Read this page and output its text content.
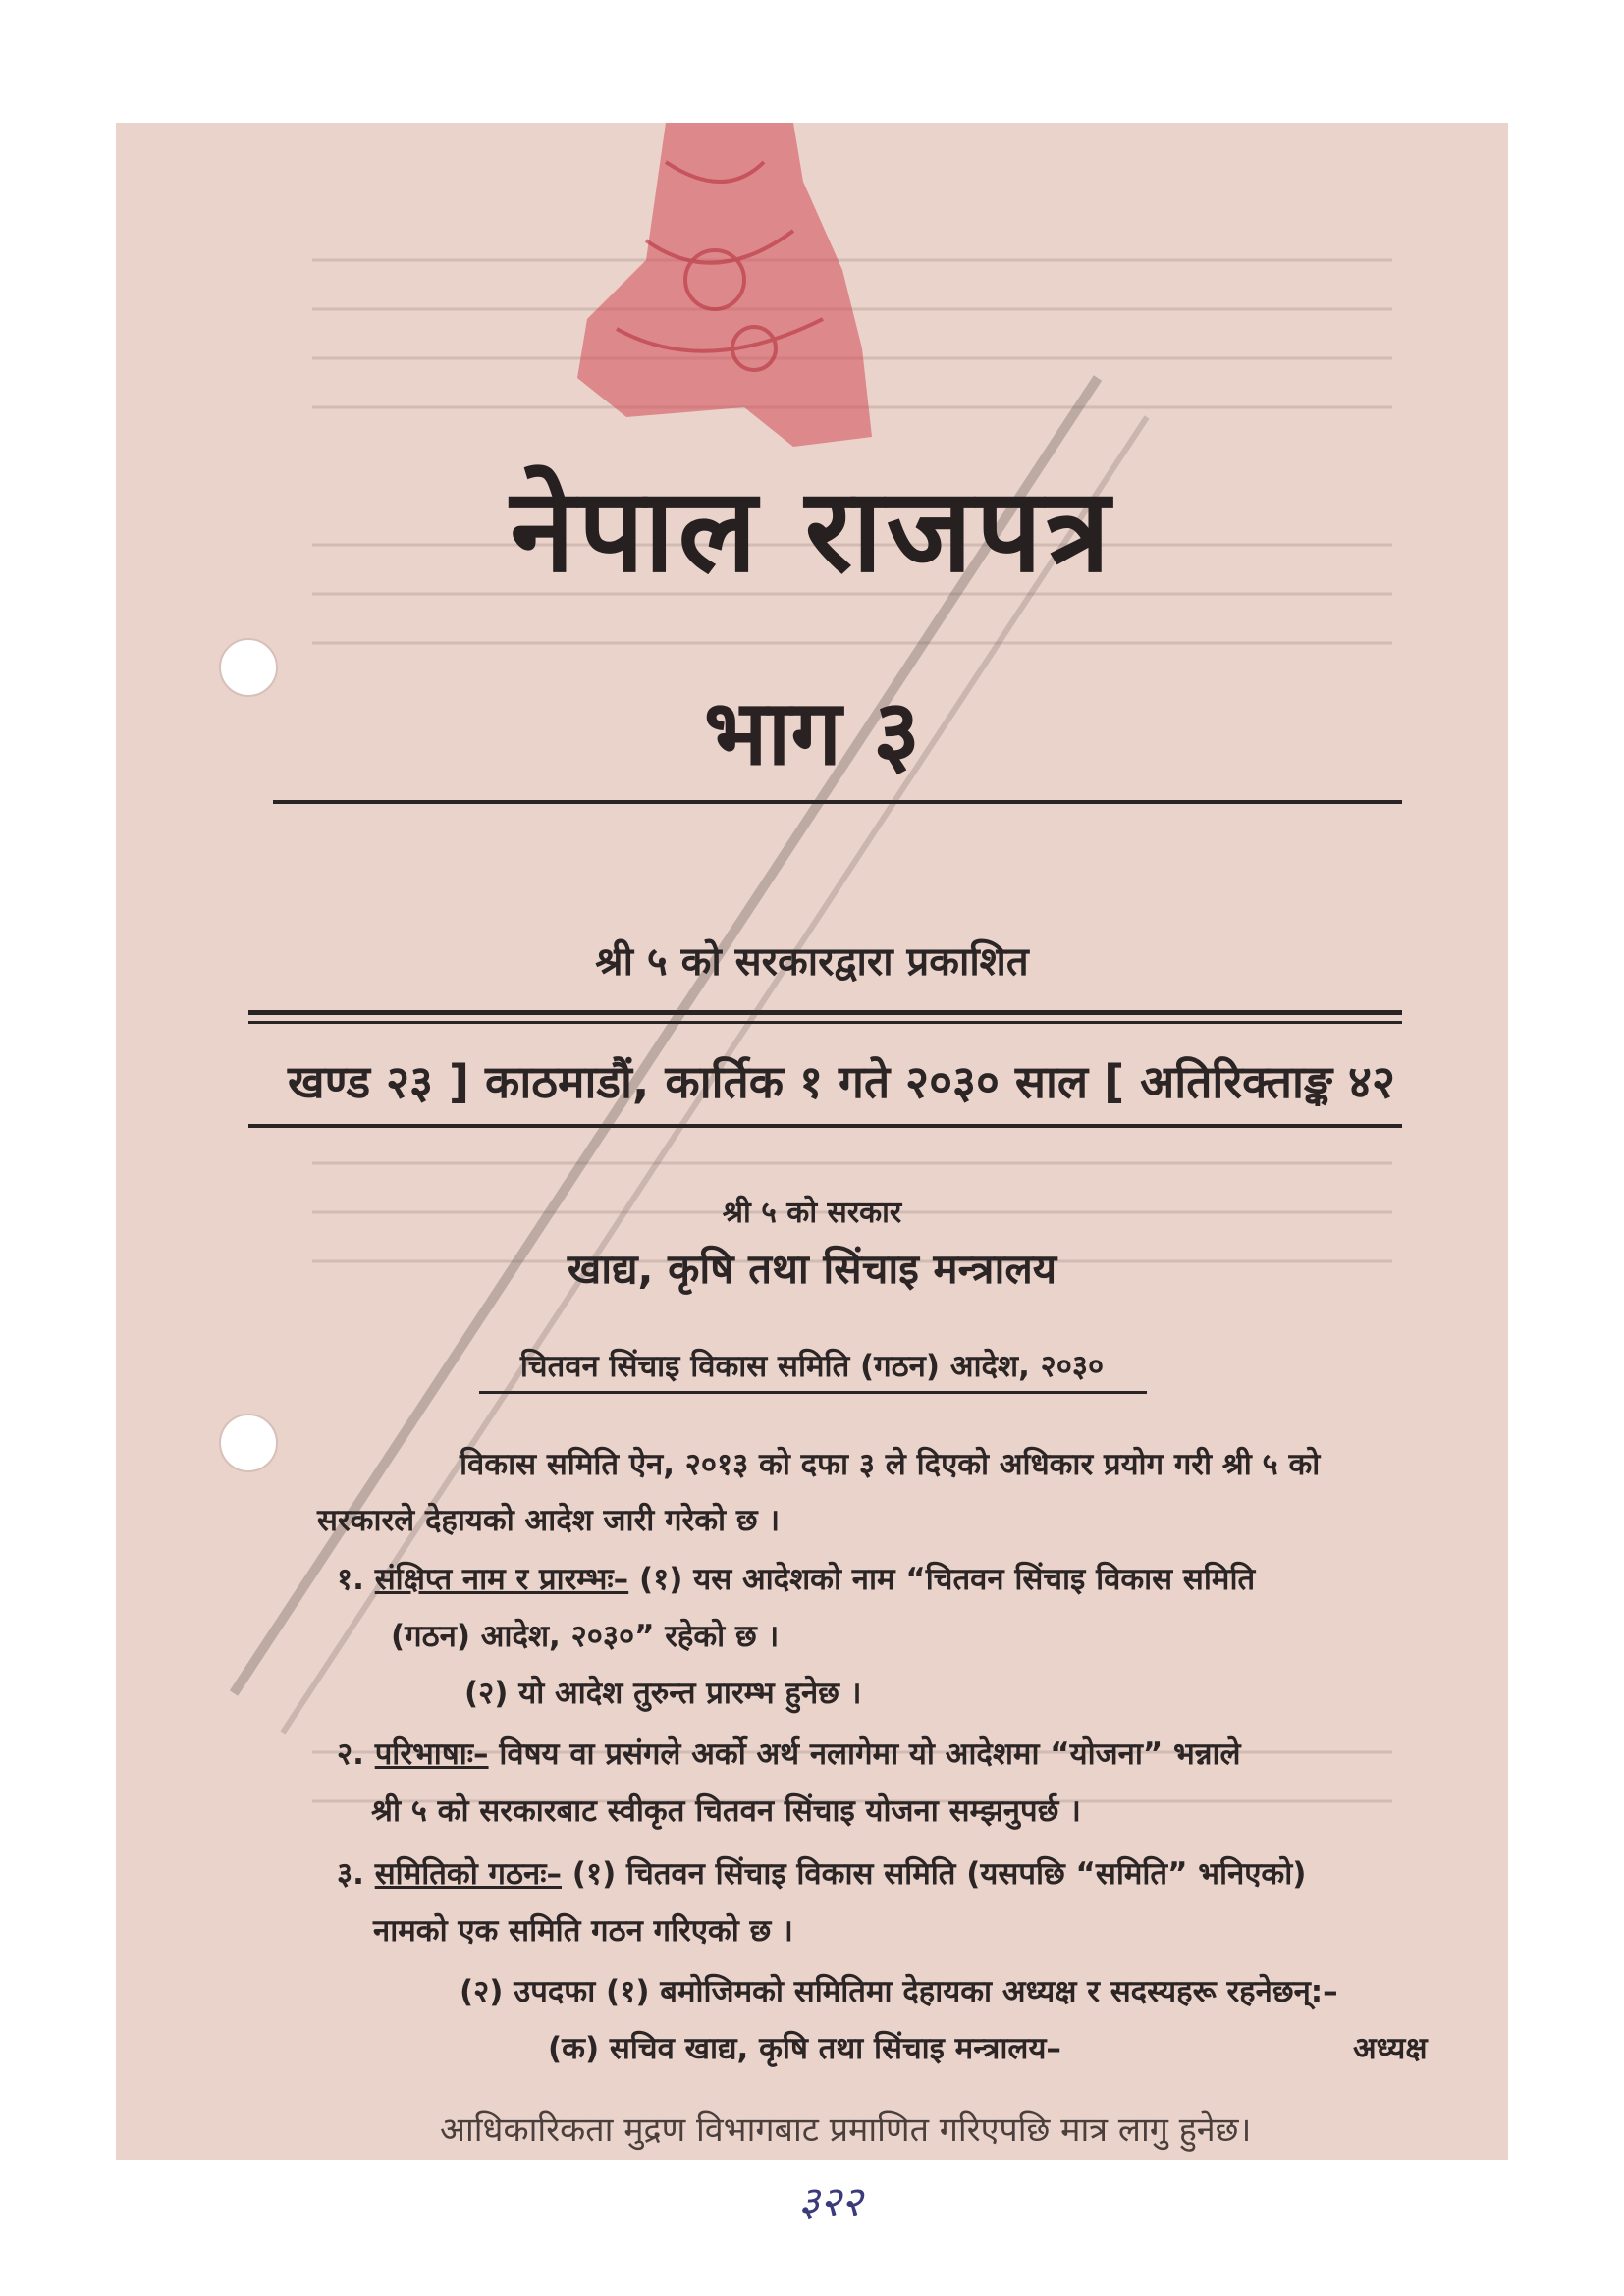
नेपाल राजपत्र
भाग ३
श्री ५ को सरकारद्वारा प्रकाशित
खण्ड २३ ] काठमाडौं, कार्तिक १ गते २०३० साल [ अतिरिक्ताङ्क ४२
श्री ५ को सरकार
खाद्य, कृषि तथा सिंचाइ मन्त्रालय
चितवन सिंचाइ विकास समिति (गठन) आदेश, २०३०
विकास समिति ऐन, २०१३ को दफा ३ ले दिएको अधिकार प्रयोग गरी श्री ५ को
सरकारले देहायको आदेश जारी गरेको छ ।
१. संक्षिप्त नाम र प्रारम्भः– (१) यस आदेशको नाम “चितवन सिंचाइ विकास समिति
(गठन) आदेश, २०३०” रहेको छ ।
(२) यो आदेश तुरुन्त प्रारम्भ हुनेछ ।
२. परिभाषाः– विषय वा प्रसंगले अर्को अर्थ नलागेमा यो आदेशमा “योजना” भन्नाले
श्री ५ को सरकारबाट स्वीकृत चितवन सिंचाइ योजना सम्झनुपर्छ ।
३. समितिको गठनः– (१) चितवन सिंचाइ विकास समिति (यसपछि “समिति” भनिएको)
नामको एक समिति गठन गरिएको छ ।
(२) उपदफा (१) बमोजिमको समितिमा देहायका अध्यक्ष र सदस्यहरू रहनेछन्:–
(क) सचिव खाद्य, कृषि तथा सिंचाइ मन्त्रालय–	अध्यक्ष
आधिकारिकता मुद्रण विभागबाट प्रमाणित गरिएपछि मात्र लागु हुनेछ।
३२२
